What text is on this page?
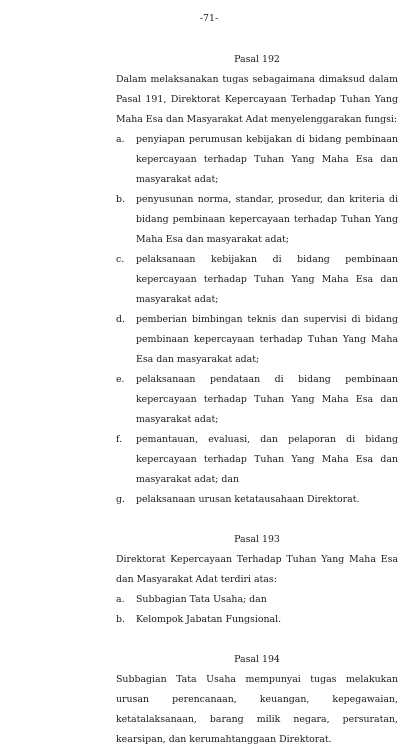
-71-
Pasal 192
Dalam melaksanakan tugas sebagaimana dimaksud dalam Pasal 191, Direktorat Kepercayaan Terhadap Tuhan Yang Maha Esa dan Masyarakat Adat menyelenggarakan fungsi:
a. penyiapan perumusan kebijakan di bidang pembinaan kepercayaan terhadap Tuhan Yang Maha Esa dan masyarakat adat;
b. penyusunan norma, standar, prosedur, dan kriteria di bidang pembinaan kepercayaan terhadap Tuhan Yang Maha Esa dan masyarakat adat;
c. pelaksanaan kebijakan di bidang pembinaan kepercayaan terhadap Tuhan Yang Maha Esa dan masyarakat adat;
d. pemberian bimbingan teknis dan supervisi di bidang pembinaan kepercayaan terhadap Tuhan Yang Maha Esa dan masyarakat adat;
e. pelaksanaan pendataan di bidang pembinaan kepercayaan terhadap Tuhan Yang Maha Esa dan masyarakat adat;
f. pemantauan, evaluasi, dan pelaporan di bidang kepercayaan terhadap Tuhan Yang Maha Esa dan masyarakat adat; dan
g. pelaksanaan urusan ketatausahaan Direktorat.
Pasal 193
Direktorat Kepercayaan Terhadap Tuhan Yang Maha Esa dan Masyarakat Adat terdiri atas:
a. Subbagian Tata Usaha; dan
b. Kelompok Jabatan Fungsional.
Pasal 194
Subbagian Tata Usaha mempunyai tugas melakukan urusan perencanaan, keuangan, kepegawaian, ketatalaksanaan, barang milik negara, persuratan, kearsipan, dan kerumahtanggaan Direktorat.
